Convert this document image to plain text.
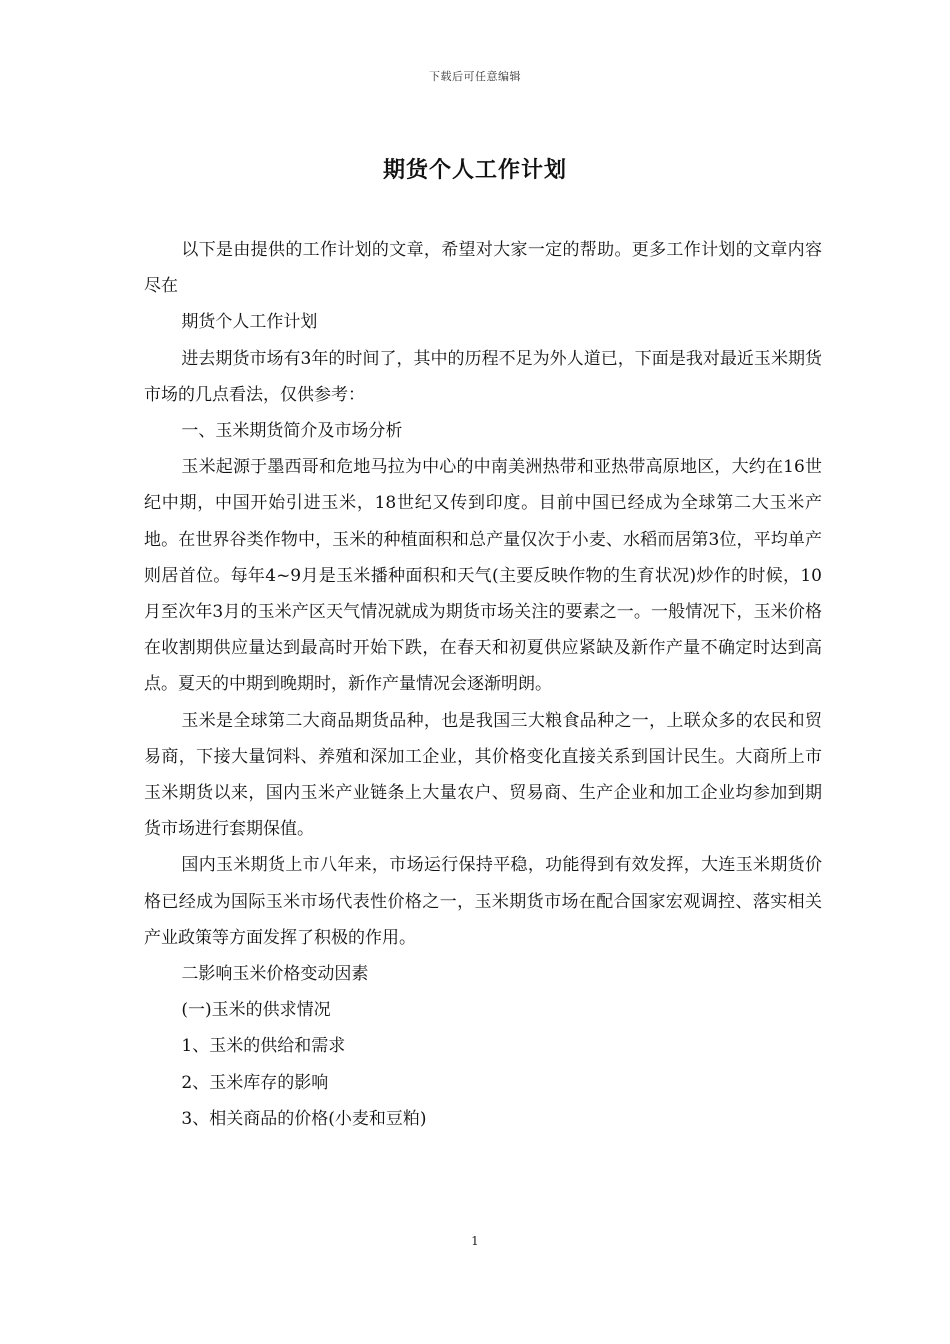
下载后可任意编辑
期货个人工作计划

以下是由提供的工作计划的文章，希望对大家一定的帮助。更多工作计划的文章内容尽在

期货个人工作计划

进去期货市场有3年的时间了，其中的历程不足为外人道已，下面是我对最近玉米期货市场的几点看法，仅供参考：

一、玉米期货简介及市场分析

玉米起源于墨西哥和危地马拉为中心的中南美洲热带和亚热带高原地区，大约在16世纪中期，中国开始引进玉米，18世纪又传到印度。目前中国已经成为全球第二大玉米产地。在世界谷类作物中，玉米的种植面积和总产量仅次于小麦、水稻而居第3位，平均单产则居首位。每年4~9月是玉米播种面积和天气(主要反映作物的生育状况)炒作的时候，10月至次年3月的玉米产区天气情况就成为期货市场关注的要素之一。一般情况下，玉米价格在收割期供应量达到最高时开始下跌，在春天和初夏供应紧缺及新作产量不确定时达到高点。夏天的中期到晚期时，新作产量情况会逐渐明朗。

玉米是全球第二大商品期货品种，也是我国三大粮食品种之一，上联众多的农民和贸易商，下接大量饲料、养殖和深加工企业，其价格变化直接关系到国计民生。大商所上市玉米期货以来，国内玉米产业链条上大量农户、贸易商、生产企业和加工企业均参加到期货市场进行套期保值。

国内玉米期货上市八年来，市场运行保持平稳，功能得到有效发挥，大连玉米期货价格已经成为国际玉米市场代表性价格之一，玉米期货市场在配合国家宏观调控、落实相关产业政策等方面发挥了积极的作用。

二影响玉米价格变动因素

(一)玉米的供求情况

1、玉米的供给和需求

2、玉米库存的影响

3、相关商品的价格(小麦和豆粕)

1
